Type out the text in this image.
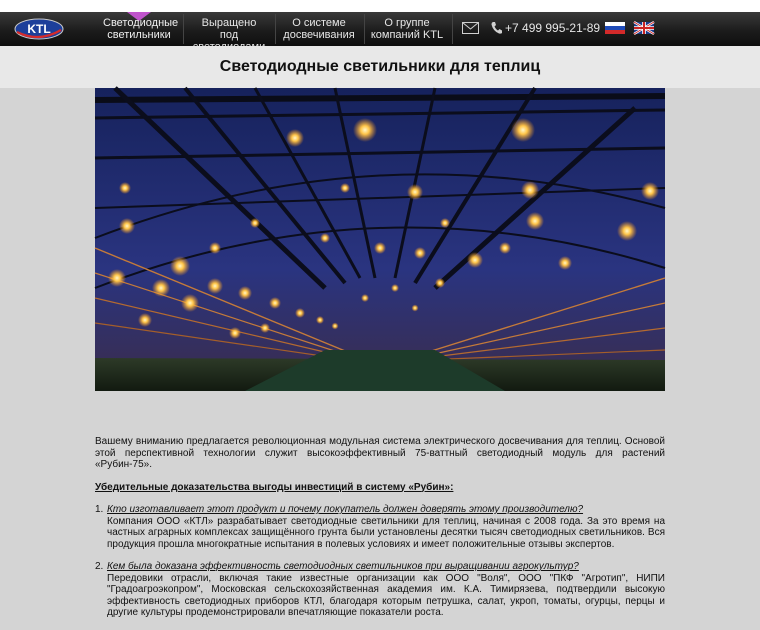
KTL	Светодиодные
светильники
Выращено под
О системе
досвечивания
О группе
компаний KTL	+7 499 995-21-89
Светодиодные светильники для теплиц

Вашему вниманию предлагается революционная модульная система электрического досвечивания для теплиц. Основой этой перспективной технологии служит высокоэффективный 75-ваттный светодиодный модуль для растений «Рубин-75».

Убедительные доказательства выгоды инвестиций в систему «Рубин»:

1. Кто изготавливает этот продукт и почему покупатель должен доверять этому производителю?
Компания ООО «КТЛ» разрабатывает светодиодные светильники для теплиц, начиная с 2008 года. За это время на частных аграрных комплексах защищённого грунта были установлены десятки тысяч светодиодных светильников. Вся продукция прошла многократные испытания в полевых условиях и имеет положительные отзывы экспертов.
2. Кем была доказана эффективность светодиодных светильников при выращивании агрокультур?
Передовики отрасли, включая такие известные организации как ООО "Воля", ООО "ПКФ "Агротип", НИПИ "Градоагроэкопром", Московская сельскохозяйственная академия им. К.А. Тимирязева, подтвердили высокую эффективность светодиодных приборов КТЛ, благодаря которым петрушка, салат, укроп, томаты, огурцы, перцы и другие культуры продемонстрировали впечатляющие показатели роста.
